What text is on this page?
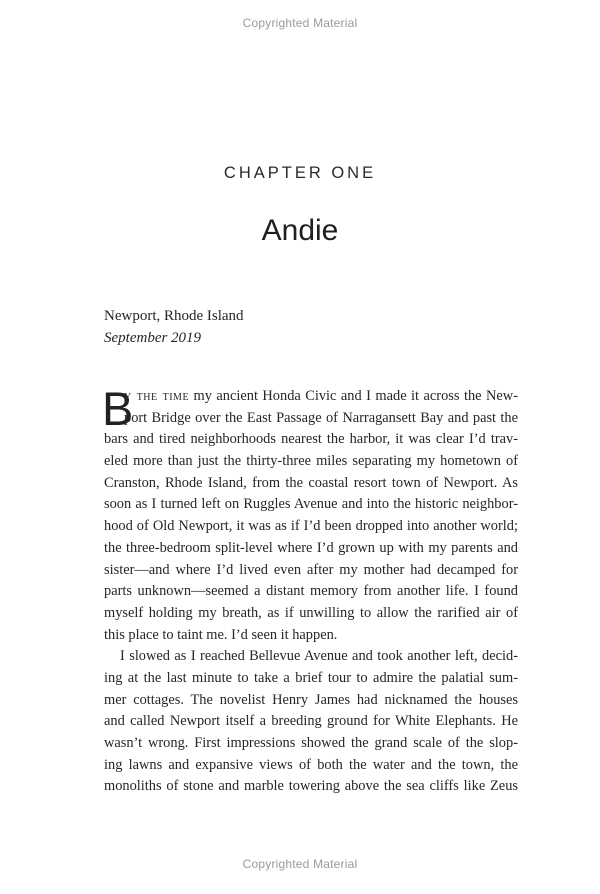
Copyrighted Material
CHAPTER ONE
Andie
Newport, Rhode Island
September 2019
B
y the time my ancient Honda Civic and I made it across the New-
port Bridge over the East Passage of Narragansett Bay and past the
bars and tired neighborhoods nearest the harbor, it was clear I’d trav-
eled more than just the thirty-three miles separating my hometown of
Cranston, Rhode Island, from the coastal resort town of Newport. As
soon as I turned left on Ruggles Avenue and into the historic neighbor-
hood of Old Newport, it was as if I’d been dropped into another world;
the three-bedroom split-level where I’d grown up with my parents and
sister—and where I’d lived even after my mother had decamped for
parts unknown—seemed a distant memory from another life. I found
myself holding my breath, as if unwilling to allow the rarified air of
this place to taint me. I’d seen it happen.
I slowed as I reached Bellevue Avenue and took another left, decid-
ing at the last minute to take a brief tour to admire the palatial sum-
mer cottages. The novelist Henry James had nicknamed the houses
and called Newport itself a breeding ground for White Elephants. He
wasn’t wrong. First impressions showed the grand scale of the slop-
ing lawns and expansive views of both the water and the town, the
monoliths of stone and marble towering above the sea cliffs like Zeus
Copyrighted Material
